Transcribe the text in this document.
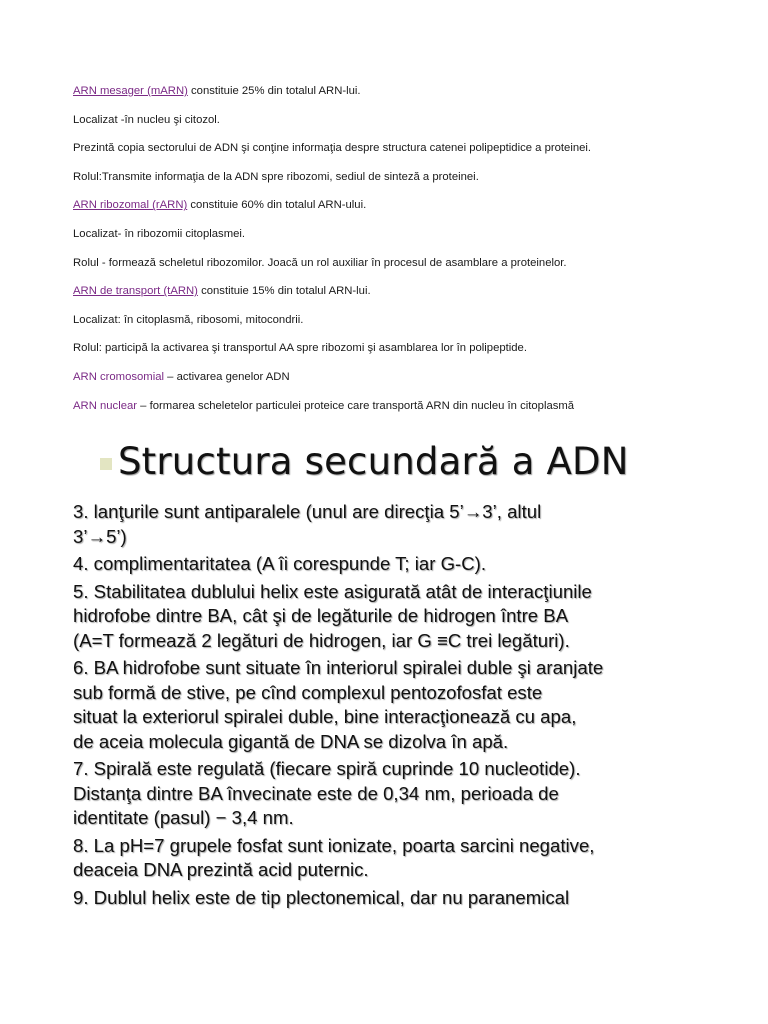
ARN mesager (mARN) constituie 25% din totalul ARN-lui.
Localizat -în nucleu şi citozol.
Prezintă copia sectorului de ADN şi conţine informaţia despre structura catenei polipeptidice a proteinei.
Rolul:Transmite informaţia de la ADN spre ribozomi, sediul de sinteză a proteinei.
ARN ribozomal (rARN) constituie 60% din totalul ARN-ului.
Localizat- în ribozomii citoplasmei.
Rolul - formează scheletul ribozomilor. Joacă un rol auxiliar în procesul de asamblare a proteinelor.
ARN de transport (tARN) constituie 15% din totalul ARN-lui.
Localizat: în citoplasmă, ribosomi, mitocondrii.
Rolul: participă la activarea şi transportul AA spre ribozomi şi asamblarea lor în polipeptide.
ARN cromosomial – activarea genelor ADN
ARN nuclear – formarea scheletelor particulei proteice care transportă ARN din nucleu în citoplasmă
Structura secundară a ADN
3. lanţurile sunt antiparalele (unul are direcţia 5’→3’, altul
3’→5’)
4. complimentaritatea (A îi corespunde T; iar G-C).
5. Stabilitatea dublului helix este asigurată atât de interacţiunile
hidrofobe dintre BA, cât şi de legăturile de hidrogen între BA
(A=T formează 2 legături de hidrogen, iar G ≡C trei legături).
6. BA hidrofobe sunt situate în interiorul spiralei duble şi aranjate
sub formă de stive, pe cînd complexul pentozofosfat este
situat la exteriorul spiralei duble, bine interacţionează cu apa,
de aceia molecula gigantă de DNA se dizolva în apă.
7. Spirală este regulată (fiecare spiră cuprinde 10 nucleotide).
Distanţa dintre BA învecinate este de 0,34 nm, perioada de
identitate (pasul) − 3,4 nm.
8. La pH=7 grupele fosfat sunt ionizate, poarta sarcini negative,
deaceia DNA prezintă acid puternic.
9. Dublul helix este de tip plectonemical, dar nu paranemical
